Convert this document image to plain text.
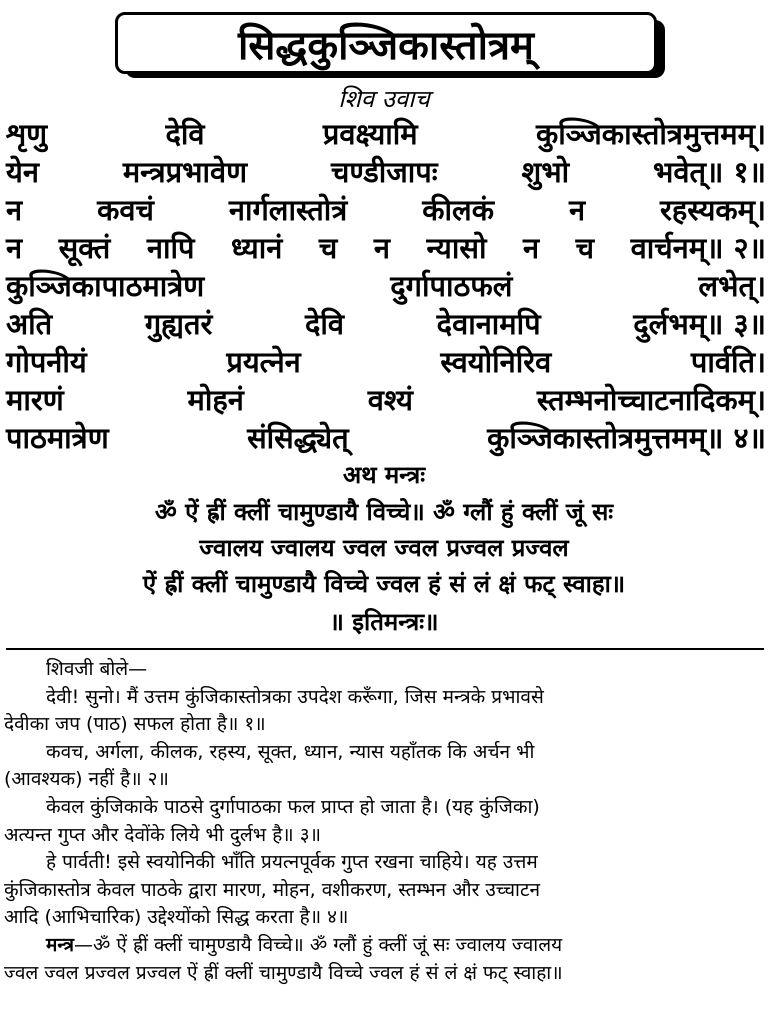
सिद्धकुञ्जिकास्तोत्रम्
शिव उवाच
शृणु	देवि	प्रवक्ष्यामि	कुञ्जिकास्तोत्रमुत्तमम्।
येन	मन्त्रप्रभावेण	चण्डीजापः	शुभो	भवेत्॥ १॥
न	कवचं	नार्गलास्तोत्रं	कीलकं	न	रहस्यकम्।
न सूक्तं नापि ध्यानं च न न्यासो न च वार्चनम्॥ २॥
कुञ्जिकापाठमात्रेण	दुर्गापाठफलं	लभेत्।
अति	गुह्यतरं	देवि	देवानामपि	दुर्लभम्॥ ३॥
गोपनीयं	प्रयत्नेन	स्वयोनिरिव	पार्वति।
मारणं	मोहनं	वश्यं	स्तम्भनोच्चाटनादिकम्।
पाठमात्रेण	संसिद्ध्येत्	कुञ्जिकास्तोत्रमुत्तमम्॥ ४॥
अथ मन्त्रः
ॐ ऐं ह्रीं क्लीं चामुण्डायै विच्चे॥ ॐ ग्लौं हुं क्लीं जूं सः
ज्वालय ज्वालय ज्वल ज्वल प्रज्वल प्रज्वल
ऐं ह्रीं क्लीं चामुण्डायै विच्चे ज्वल हं सं लं क्षं फट् स्वाहा॥
॥ इतिमन्त्रः॥
शिवजी बोले—
देवी! सुनो। मैं उत्तम कुंजिकास्तोत्रका उपदेश करूँगा, जिस मन्त्रके प्रभावसे
देवीका जप (पाठ) सफल होता है॥ १॥
कवच, अर्गला, कीलक, रहस्य, सूक्त, ध्यान, न्यास यहाँतक कि अर्चन भी
(आवश्यक) नहीं है॥ २॥
केवल कुंजिकाके पाठसे दुर्गापाठका फल प्राप्त हो जाता है। (यह कुंजिका)
अत्यन्त गुप्त और देवोंके लिये भी दुर्लभ है॥ ३॥
हे पार्वती! इसे स्वयोनिकी भाँति प्रयत्नपूर्वक गुप्त रखना चाहिये। यह उत्तम
कुंजिकास्तोत्र केवल पाठके द्वारा मारण, मोहन, वशीकरण, स्तम्भन और उच्चाटन
आदि (आभिचारिक) उद्देश्योंको सिद्ध करता है॥ ४॥
मन्त्र—ॐ ऐं ह्रीं क्लीं चामुण्डायै विच्चे॥ ॐ ग्लौं हुं क्लीं जूं सः ज्वालय ज्वालय
ज्वल ज्वल प्रज्वल प्रज्वल ऐं ह्रीं क्लीं चामुण्डायै विच्चे ज्वल हं सं लं क्षं फट् स्वाहा॥
